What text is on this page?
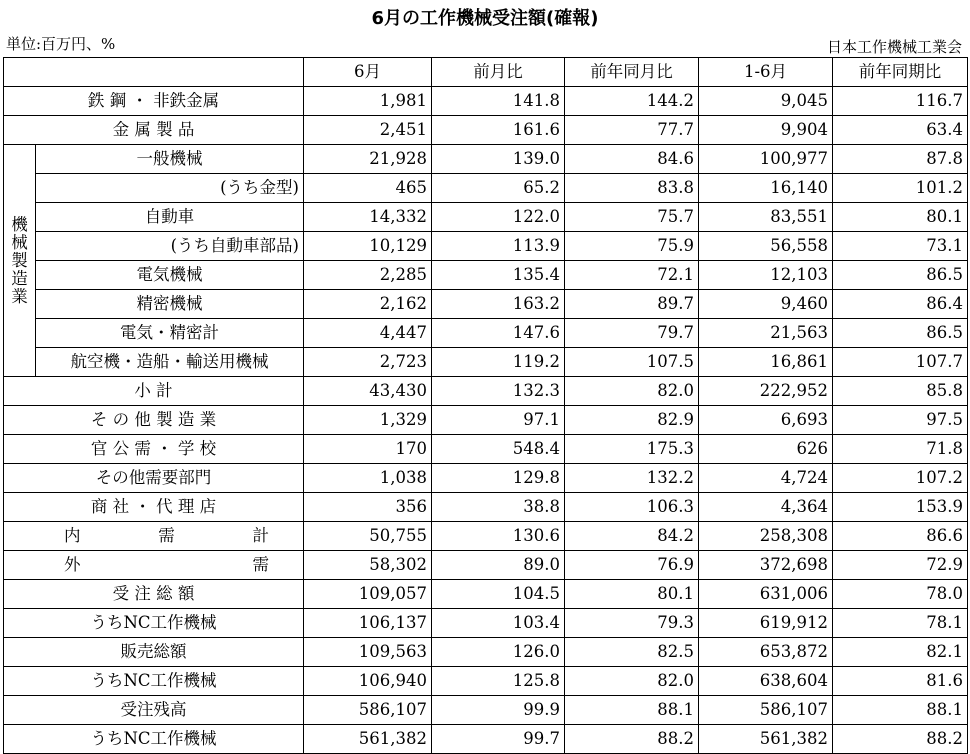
6月の工作機械受注額(確報)
単位:百万円、%	日本工作機械工業会
		6月	前月比	前年同月比	1-6月	前年同期比
鉄 鋼 ・ 非鉄金属		1,981	141.8	144.2	9,045	116.7
金 属 製 品		2,451	161.6	77.7	9,904	63.4
機械製造業	一般機械	21,928	139.0	84.6	100,977	87.8
	(うち金型)	465	65.2	83.8	16,140	101.2
	自動車	14,332	122.0	75.7	83,551	80.1
	(うち自動車部品)	10,129	113.9	75.9	56,558	73.1
	電気機械	2,285	135.4	72.1	12,103	86.5
	精密機械	2,162	163.2	89.7	9,460	86.4
	電気・精密計	4,447	147.6	79.7	21,563	86.5
	航空機・造船・輸送用機械	2,723	119.2	107.5	16,861	107.7
小 計		43,430	132.3	82.0	222,952	85.8
そ の 他 製 造 業		1,329	97.1	82.9	6,693	97.5
官 公 需 ・ 学 校		170	548.4	175.3	626	71.8
その他需要部門		1,038	129.8	132.2	4,724	107.2
商 社 ・ 代 理 店		356	38.8	106.3	4,364	153.9

内 需 計		50,755	130.6	84.2	258,308	86.6

外 需		58,302	89.0	76.9	372,698	72.9
受 注 総 額		109,057	104.5	80.1	631,006	78.0
うちNC工作機械		106,137	103.4	79.3	619,912	78.1
販売総額		109,563	126.0	82.5	653,872	82.1
うちNC工作機械		106,940	125.8	82.0	638,604	81.6
受注残高		586,107	99.9	88.1	586,107	88.1
うちNC工作機械		561,382	99.7	88.2	561,382	88.2
